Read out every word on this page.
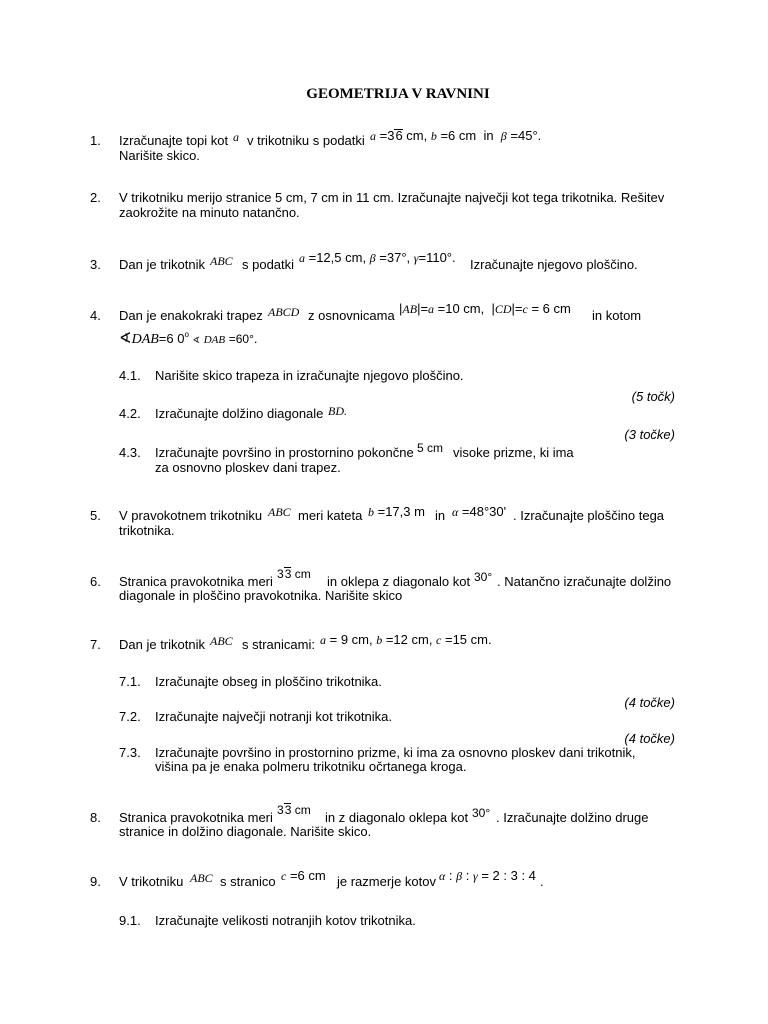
GEOMETRIJA V RAVNINI
1. Izračunajte topi kot a v trikotniku s podatki a =36 cm, b =6 cm  in  β =45°.
Narišite skico.
2. V trikotniku merijo stranice 5 cm, 7 cm in 11 cm. Izračunajte največji kot tega trikotnika. Rešitev
zaokrožite na minuto natančno.
3. Dan je trikotnik ABC s podatki a =12,5 cm, β =37°, γ=110°. Izračunajte njegovo ploščino.
4. Dan je enakokraki trapez ABCD z osnovnicama |AB|=a =10 cm,  |CD|=c = 6 cm in kotom
∢DAB=6 0$^o$ ∢ DAB =60°.
4.1. Narišite skico trapeza in izračunajte njegovo ploščino.
(5 točk)
4.2. Izračunajte dolžino diagonale BD.
(3 točke)
4.3. Izračunajte površino in prostornino pokončne 5 cm visoke prizme, ki ima
za osnovno ploskev dani trapez.
5. V pravokotnem trikotniku ABC meri kateta b =17,3 m in α =48°30' . Izračunajte ploščino tega
trikotnika.
6. Stranica pravokotnika meri 33 cm in oklepa z diagonalo kot 30° . Natančno izračunajte dolžino
diagonale in ploščino pravokotnika. Narišite skico
7. Dan je trikotnik ABC s stranicami: a = 9 cm, b =12 cm, c =15 cm.
7.1. Izračunajte obseg in ploščino trikotnika.
(4 točke)
7.2. Izračunajte največji notranji kot trikotnika.
(4 točke)
7.3. Izračunajte površino in prostornino prizme, ki ima za osnovno ploskev dani trikotnik,
višina pa je enaka polmeru trikotniku očrtanega kroga.
8. Stranica pravokotnika meri 33 cm in z diagonalo oklepa kot 30° . Izračunajte dolžino druge
stranice in dolžino diagonale. Narišite skico.
9. V trikotniku ABC s stranico c =6 cm je razmerje kotov α : β : γ = 2 : 3 : 4 .
9.1. Izračunajte velikosti notranjih kotov trikotnika.
